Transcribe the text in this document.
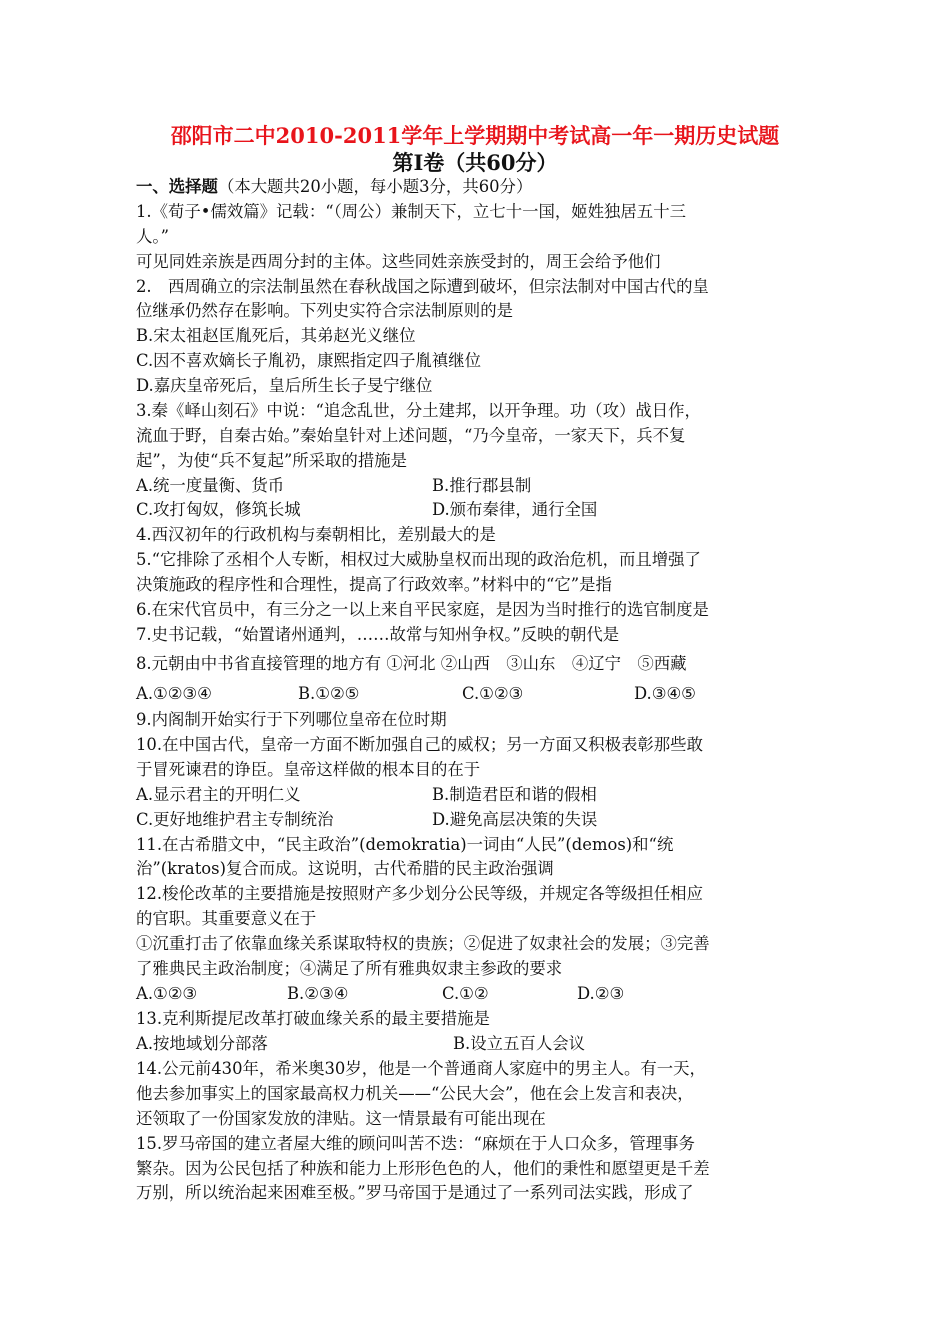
邵阳市二中2010-2011学年上学期期中考试高一年一期历史试题
第Ⅰ卷（共60分）
一、选择题（本大题共20小题，每小题3分，共60分）
1.《荀子•儒效篇》记载：“（周公）兼制天下，立七十一国，姬姓独居五十三
人。”
可见同姓亲族是西周分封的主体。这些同姓亲族受封的，周王会给予他们
2.　西周确立的宗法制虽然在春秋战国之际遭到破坏，但宗法制对中国古代的皇
位继承仍然存在影响。下列史实符合宗法制原则的是
B.宋太祖赵匡胤死后，其弟赵光义继位
C.因不喜欢嫡长子胤礽，康熙指定四子胤禛继位
D.嘉庆皇帝死后，皇后所生长子旻宁继位
3.秦《峄山刻石》中说：“追念乱世，分土建邦，以开争理。功（攻）战日作，
流血于野，自秦古始。”秦始皇针对上述问题，“乃今皇帝，一家天下，兵不复
起”，为使“兵不复起”所采取的措施是
A.统一度量衡、货币	B.推行郡县制
C.攻打匈奴，修筑长城	D.颁布秦律，通行全国
4.西汉初年的行政机构与秦朝相比，差别最大的是
5.“它排除了丞相个人专断，相权过大威胁皇权而出现的政治危机，而且增强了
决策施政的程序性和合理性，提高了行政效率。”材料中的“它”是指
6.在宋代官员中，有三分之一以上来自平民家庭，是因为当时推行的选官制度是
7.史书记载，“始置诸州通判，……故常与知州争权。”反映的朝代是
8.元朝由中书省直接管理的地方有 ①河北 ②山西　③山东　④辽宁　⑤西藏
A.①②③④	B.①②⑤	C.①②③	D.③④⑤
9.内阁制开始实行于下列哪位皇帝在位时期
10.在中国古代，皇帝一方面不断加强自己的威权；另一方面又积极表彰那些敢
于冒死谏君的诤臣。皇帝这样做的根本目的在于
A.显示君主的开明仁义	B.制造君臣和谐的假相
C.更好地维护君主专制统治	D.避免高层决策的失误
11.在古希腊文中，“民主政治”(demokratia)一词由“人民”(demos)和“统
治”(kratos)复合而成。这说明，古代希腊的民主政治强调
12.梭伦改革的主要措施是按照财产多少划分公民等级，并规定各等级担任相应
的官职。其重要意义在于
①沉重打击了依靠血缘关系谋取特权的贵族；②促进了奴隶社会的发展；③完善
了雅典民主政治制度；④满足了所有雅典奴隶主参政的要求
A.①②③	B.②③④	C.①②	D.②③
13.克利斯提尼改革打破血缘关系的最主要措施是
A.按地域划分部落	B.设立五百人会议
14.公元前430年，希米奥30岁，他是一个普通商人家庭中的男主人。有一天，
他去参加事实上的国家最高权力机关——“公民大会”，他在会上发言和表决，
还领取了一份国家发放的津贴。这一情景最有可能出现在
15.罗马帝国的建立者屋大维的顾问叫苦不迭：“麻烦在于人口众多，管理事务
繁杂。因为公民包括了种族和能力上形形色色的人，他们的秉性和愿望更是千差
万别，所以统治起来困难至极。”罗马帝国于是通过了一系列司法实践，形成了
